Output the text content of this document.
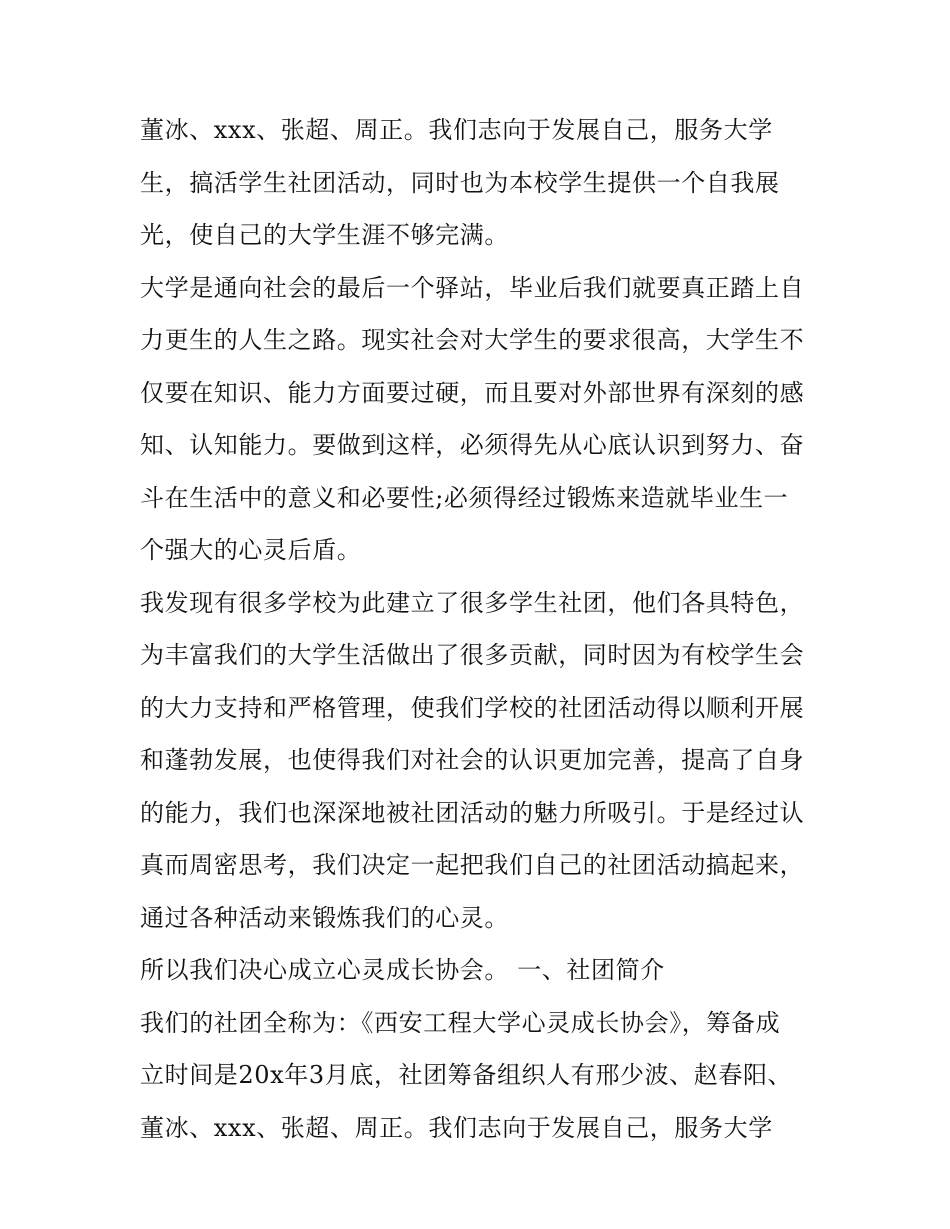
董冰、xxx、张超、周正。我们志向于发展自己，服务大学
生，搞活学生社团活动，同时也为本校学生提供一个自我展
光，使自己的大学生涯不够完满。
大学是通向社会的最后一个驿站，毕业后我们就要真正踏上自
力更生的人生之路。现实社会对大学生的要求很高，大学生不
仅要在知识、能力方面要过硬，而且要对外部世界有深刻的感
知、认知能力。要做到这样，必须得先从心底认识到努力、奋
斗在生活中的意义和必要性;必须得经过锻炼来造就毕业生一
个强大的心灵后盾。
我发现有很多学校为此建立了很多学生社团，他们各具特色，
为丰富我们的大学生活做出了很多贡献，同时因为有校学生会
的大力支持和严格管理，使我们学校的社团活动得以顺利开展
和蓬勃发展，也使得我们对社会的认识更加完善，提高了自身
的能力，我们也深深地被社团活动的魅力所吸引。于是经过认
真而周密思考，我们决定一起把我们自己的社团活动搞起来，
通过各种活动来锻炼我们的心灵。
所以我们决心成立心灵成长协会。 一、社团简介
我们的社团全称为：《西安工程大学心灵成长协会》，筹备成
立时间是20x年3月底，社团筹备组织人有邢少波、赵春阳、
董冰、xxx、张超、周正。我们志向于发展自己，服务大学
